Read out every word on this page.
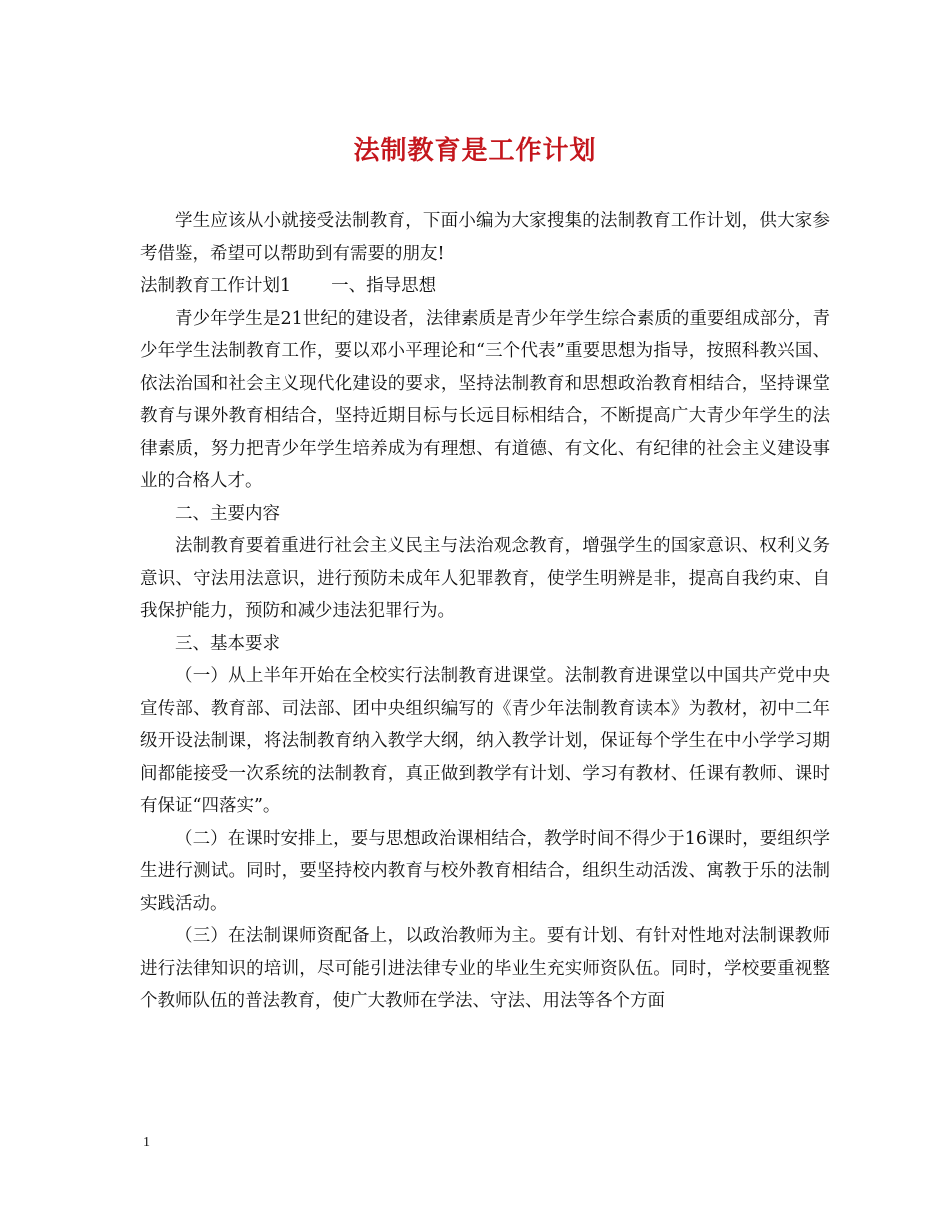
法制教育是工作计划

学生应该从小就接受法制教育，下面小编为大家搜集的法制教育工作计划，供大家参考借鉴，希望可以帮助到有需要的朋友!

法制教育工作计划1 一、指导思想

青少年学生是21世纪的建设者，法律素质是青少年学生综合素质的重要组成部分，青少年学生法制教育工作，要以邓小平理论和“三个代表”重要思想为指导，按照科教兴国、依法治国和社会主义现代化建设的要求，坚持法制教育和思想政治教育相结合，坚持课堂教育与课外教育相结合，坚持近期目标与长远目标相结合，不断提高广大青少年学生的法律素质，努力把青少年学生培养成为有理想、有道德、有文化、有纪律的社会主义建设事业的合格人才。

二、主要内容

法制教育要着重进行社会主义民主与法治观念教育，增强学生的国家意识、权利义务意识、守法用法意识，进行预防未成年人犯罪教育，使学生明辨是非，提高自我约束、自我保护能力，预防和减少违法犯罪行为。

三、基本要求

（一）从上半年开始在全校实行法制教育进课堂。法制教育进课堂以中国共产党中央宣传部、教育部、司法部、团中央组织编写的《青少年法制教育读本》为教材，初中二年级开设法制课，将法制教育纳入教学大纲，纳入教学计划，保证每个学生在中小学学习期间都能接受一次系统的法制教育，真正做到教学有计划、学习有教材、任课有教师、课时有保证“四落实”。

（二）在课时安排上，要与思想政治课相结合，教学时间不得少于16课时，要组织学生进行测试。同时，要坚持校内教育与校外教育相结合，组织生动活泼、寓教于乐的法制实践活动。

（三）在法制课师资配备上，以政治教师为主。要有计划、有针对性地对法制课教师进行法律知识的培训，尽可能引进法律专业的毕业生充实师资队伍。同时，学校要重视整个教师队伍的普法教育，使广大教师在学法、守法、用法等各个方面

1
